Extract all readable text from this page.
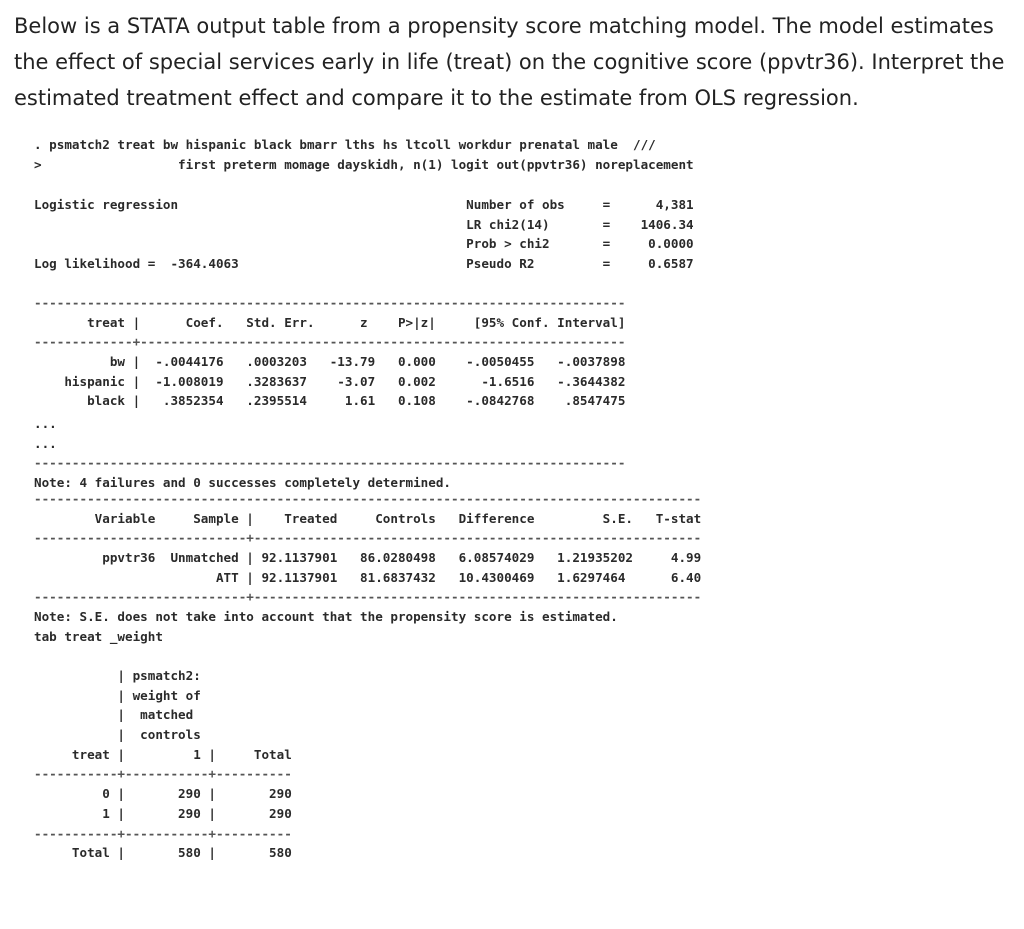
Below is a STATA output table from a propensity score matching model. The model estimates the effect of special services early in life (treat) on the cognitive score (ppvtr36). Interpret the estimated treatment effect and compare it to the estimate from OLS regression.

. psmatch2 treat bw hispanic black bmarr lths hs ltcoll workdur prenatal male  ///
>                  first preterm momage dayskidh, n(1) logit out(ppvtr36) noreplacement
Logistic regression                                      Number of obs     =      4,381
LR chi2(14)       =    1406.34
Prob > chi2       =     0.0000
Log likelihood =  -364.4063                              Pseudo R2         =     0.6587
------------------------------------------------------------------------------
treat |      Coef.   Std. Err.      z    P>|z|     [95% Conf. Interval]
-------------+----------------------------------------------------------------
bw |  -.0044176   .0003203   -13.79   0.000    -.0050455   -.0037898
hispanic |  -1.008019   .3283637    -3.07   0.002      -1.6516   -.3644382
black |   .3852354   .2395514     1.61   0.108    -.0842768    .8547475
...
...
------------------------------------------------------------------------------
Note: 4 failures and 0 successes completely determined.
----------------------------------------------------------------------------------------
Variable     Sample |    Treated     Controls   Difference         S.E.   T-stat
----------------------------+-----------------------------------------------------------
ppvtr36  Unmatched | 92.1137901   86.0280498   6.08574029   1.21935202     4.99
ATT | 92.1137901   81.6837432   10.4300469   1.6297464      6.40
----------------------------+-----------------------------------------------------------
Note: S.E. does not take into account that the propensity score is estimated.
tab treat _weight
| psmatch2:
| weight of
|  matched
|  controls
treat |         1 |     Total
-----------+-----------+----------
0 |       290 |       290
1 |       290 |       290
-----------+-----------+----------
Total |       580 |       580
